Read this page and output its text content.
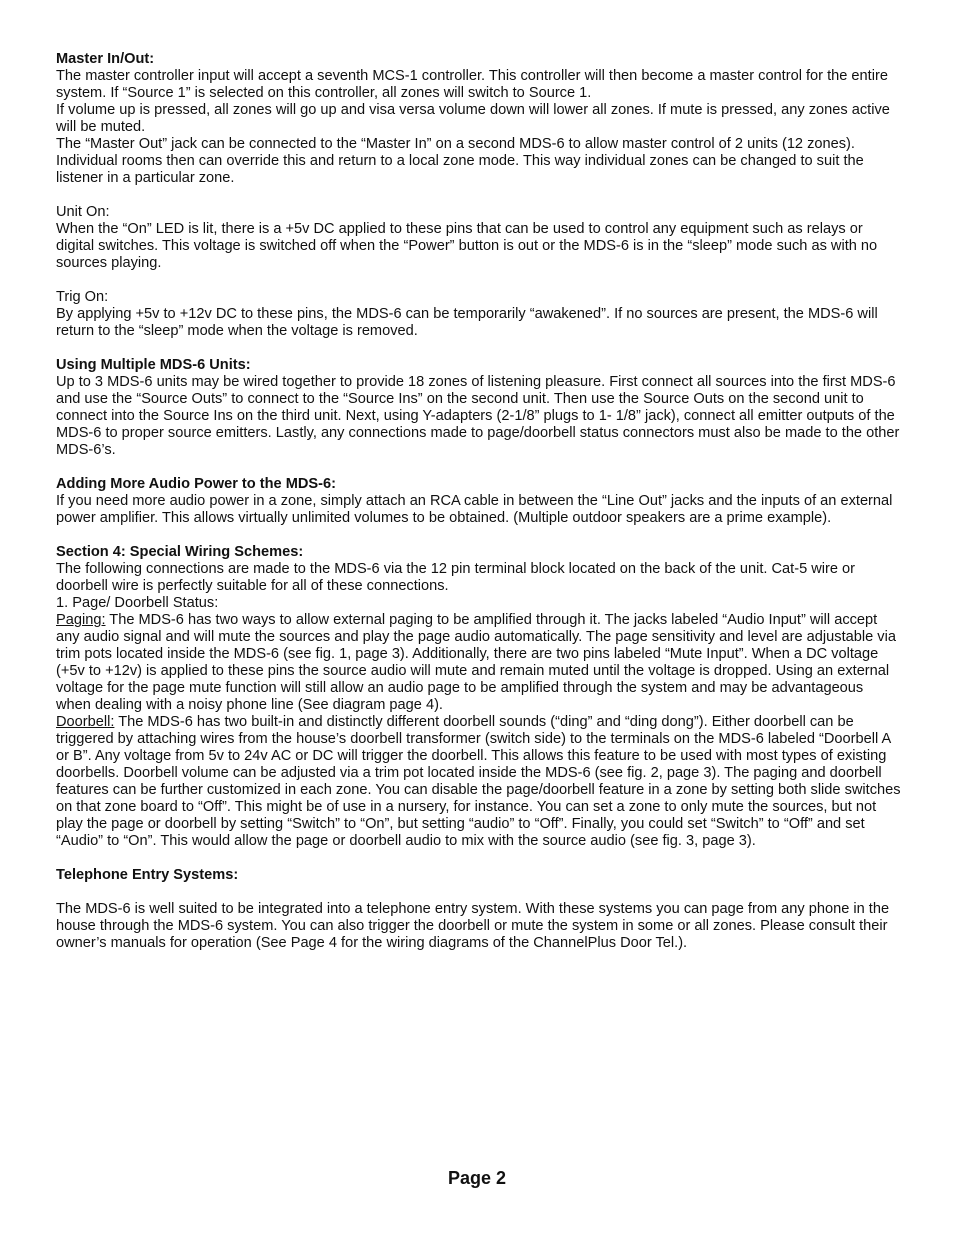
Master In/Out:

The master controller input will accept a seventh MCS-1 controller. This controller will then become a master control for the entire system. If “Source 1” is selected on this controller, all zones will switch to Source 1.

If volume up is pressed, all zones will go up and visa versa volume down will lower all zones. If mute is pressed, any zones active will be muted.

The “Master Out” jack can be connected to the “Master In” on a second MDS-6 to allow master control of 2 units (12 zones). Individual rooms then can override this and return to a local zone mode. This way individual zones can be changed to suit the listener in a particular zone.

Unit On:

When the “On” LED is lit, there is a +5v DC applied to these pins that can be used to control any equipment such as relays or digital switches. This voltage is switched off when the “Power” button is out or the MDS-6 is in the “sleep” mode such as with no sources playing.

Trig On:

By applying +5v to +12v DC to these pins, the MDS-6 can be temporarily “awakened”. If no sources are present, the MDS-6 will return to the “sleep” mode when the voltage is removed.

Using Multiple MDS-6 Units:

Up to 3 MDS-6 units may be wired together to provide 18 zones of listening pleasure. First connect all sources into the first MDS-6 and use the “Source Outs” to connect to the “Source Ins” on the second unit. Then use the Source Outs on the second unit to connect into the Source Ins on the third unit. Next, using Y-adapters (2-1/8” plugs to 1- 1/8” jack), connect all emitter outputs of the MDS-6 to proper source emitters. Lastly, any connections made to page/doorbell status connectors must also be made to the other MDS-6’s.

Adding More Audio Power to the MDS-6:

If you need more audio power in a zone, simply attach an RCA cable in between the “Line Out” jacks and the inputs of an external power amplifier. This allows virtually unlimited volumes to be obtained. (Multiple outdoor speakers are a prime example).

Section 4: Special Wiring Schemes:

The following connections are made to the MDS-6 via the 12 pin terminal block located on the back of the unit. Cat-5 wire or doorbell wire is perfectly suitable for all of these connections.

1. Page/ Doorbell Status:

Paging: The MDS-6 has two ways to allow external paging to be amplified through it. The jacks labeled “Audio Input” will accept any audio signal and will mute the sources and play the page audio automatically. The page sensitivity and level are adjustable via trim pots located inside the MDS-6 (see fig. 1, page 3). Additionally, there are two pins labeled “Mute Input”. When a DC voltage (+5v to +12v) is applied to these pins the source audio will mute and remain muted until the voltage is dropped. Using an external voltage for the page mute function will still allow an audio page to be amplified through the system and may be advantageous when dealing with a noisy phone line (See diagram page 4).

Doorbell: The MDS-6 has two built-in and distinctly different doorbell sounds (“ding” and “ding dong”). Either doorbell can be triggered by attaching wires from the house’s doorbell transformer (switch side) to the terminals on the MDS-6 labeled “Doorbell A or B”. Any voltage from 5v to 24v AC or DC will trigger the doorbell. This allows this feature to be used with most types of existing doorbells. Doorbell volume can be adjusted via a trim pot located inside the MDS-6 (see fig. 2, page 3). The paging and doorbell features can be further customized in each zone. You can disable the page/doorbell feature in a zone by setting both slide switches on that zone board to “Off”. This might be of use in a nursery, for instance. You can set a zone to only mute the sources, but not play the page or doorbell by setting “Switch” to “On”, but setting “audio” to “Off”. Finally, you could set “Switch” to “Off” and set “Audio” to “On”. This would allow the page or doorbell audio to mix with the source audio (see fig. 3, page 3).

Telephone Entry Systems:

The MDS-6 is well suited to be integrated into a telephone entry system. With these systems you can page from any phone in the house through the MDS-6 system. You can also trigger the doorbell or mute the system in some or all zones. Please consult their owner’s manuals for operation (See Page 4 for the wiring diagrams of the ChannelPlus Door Tel.).

Page 2
